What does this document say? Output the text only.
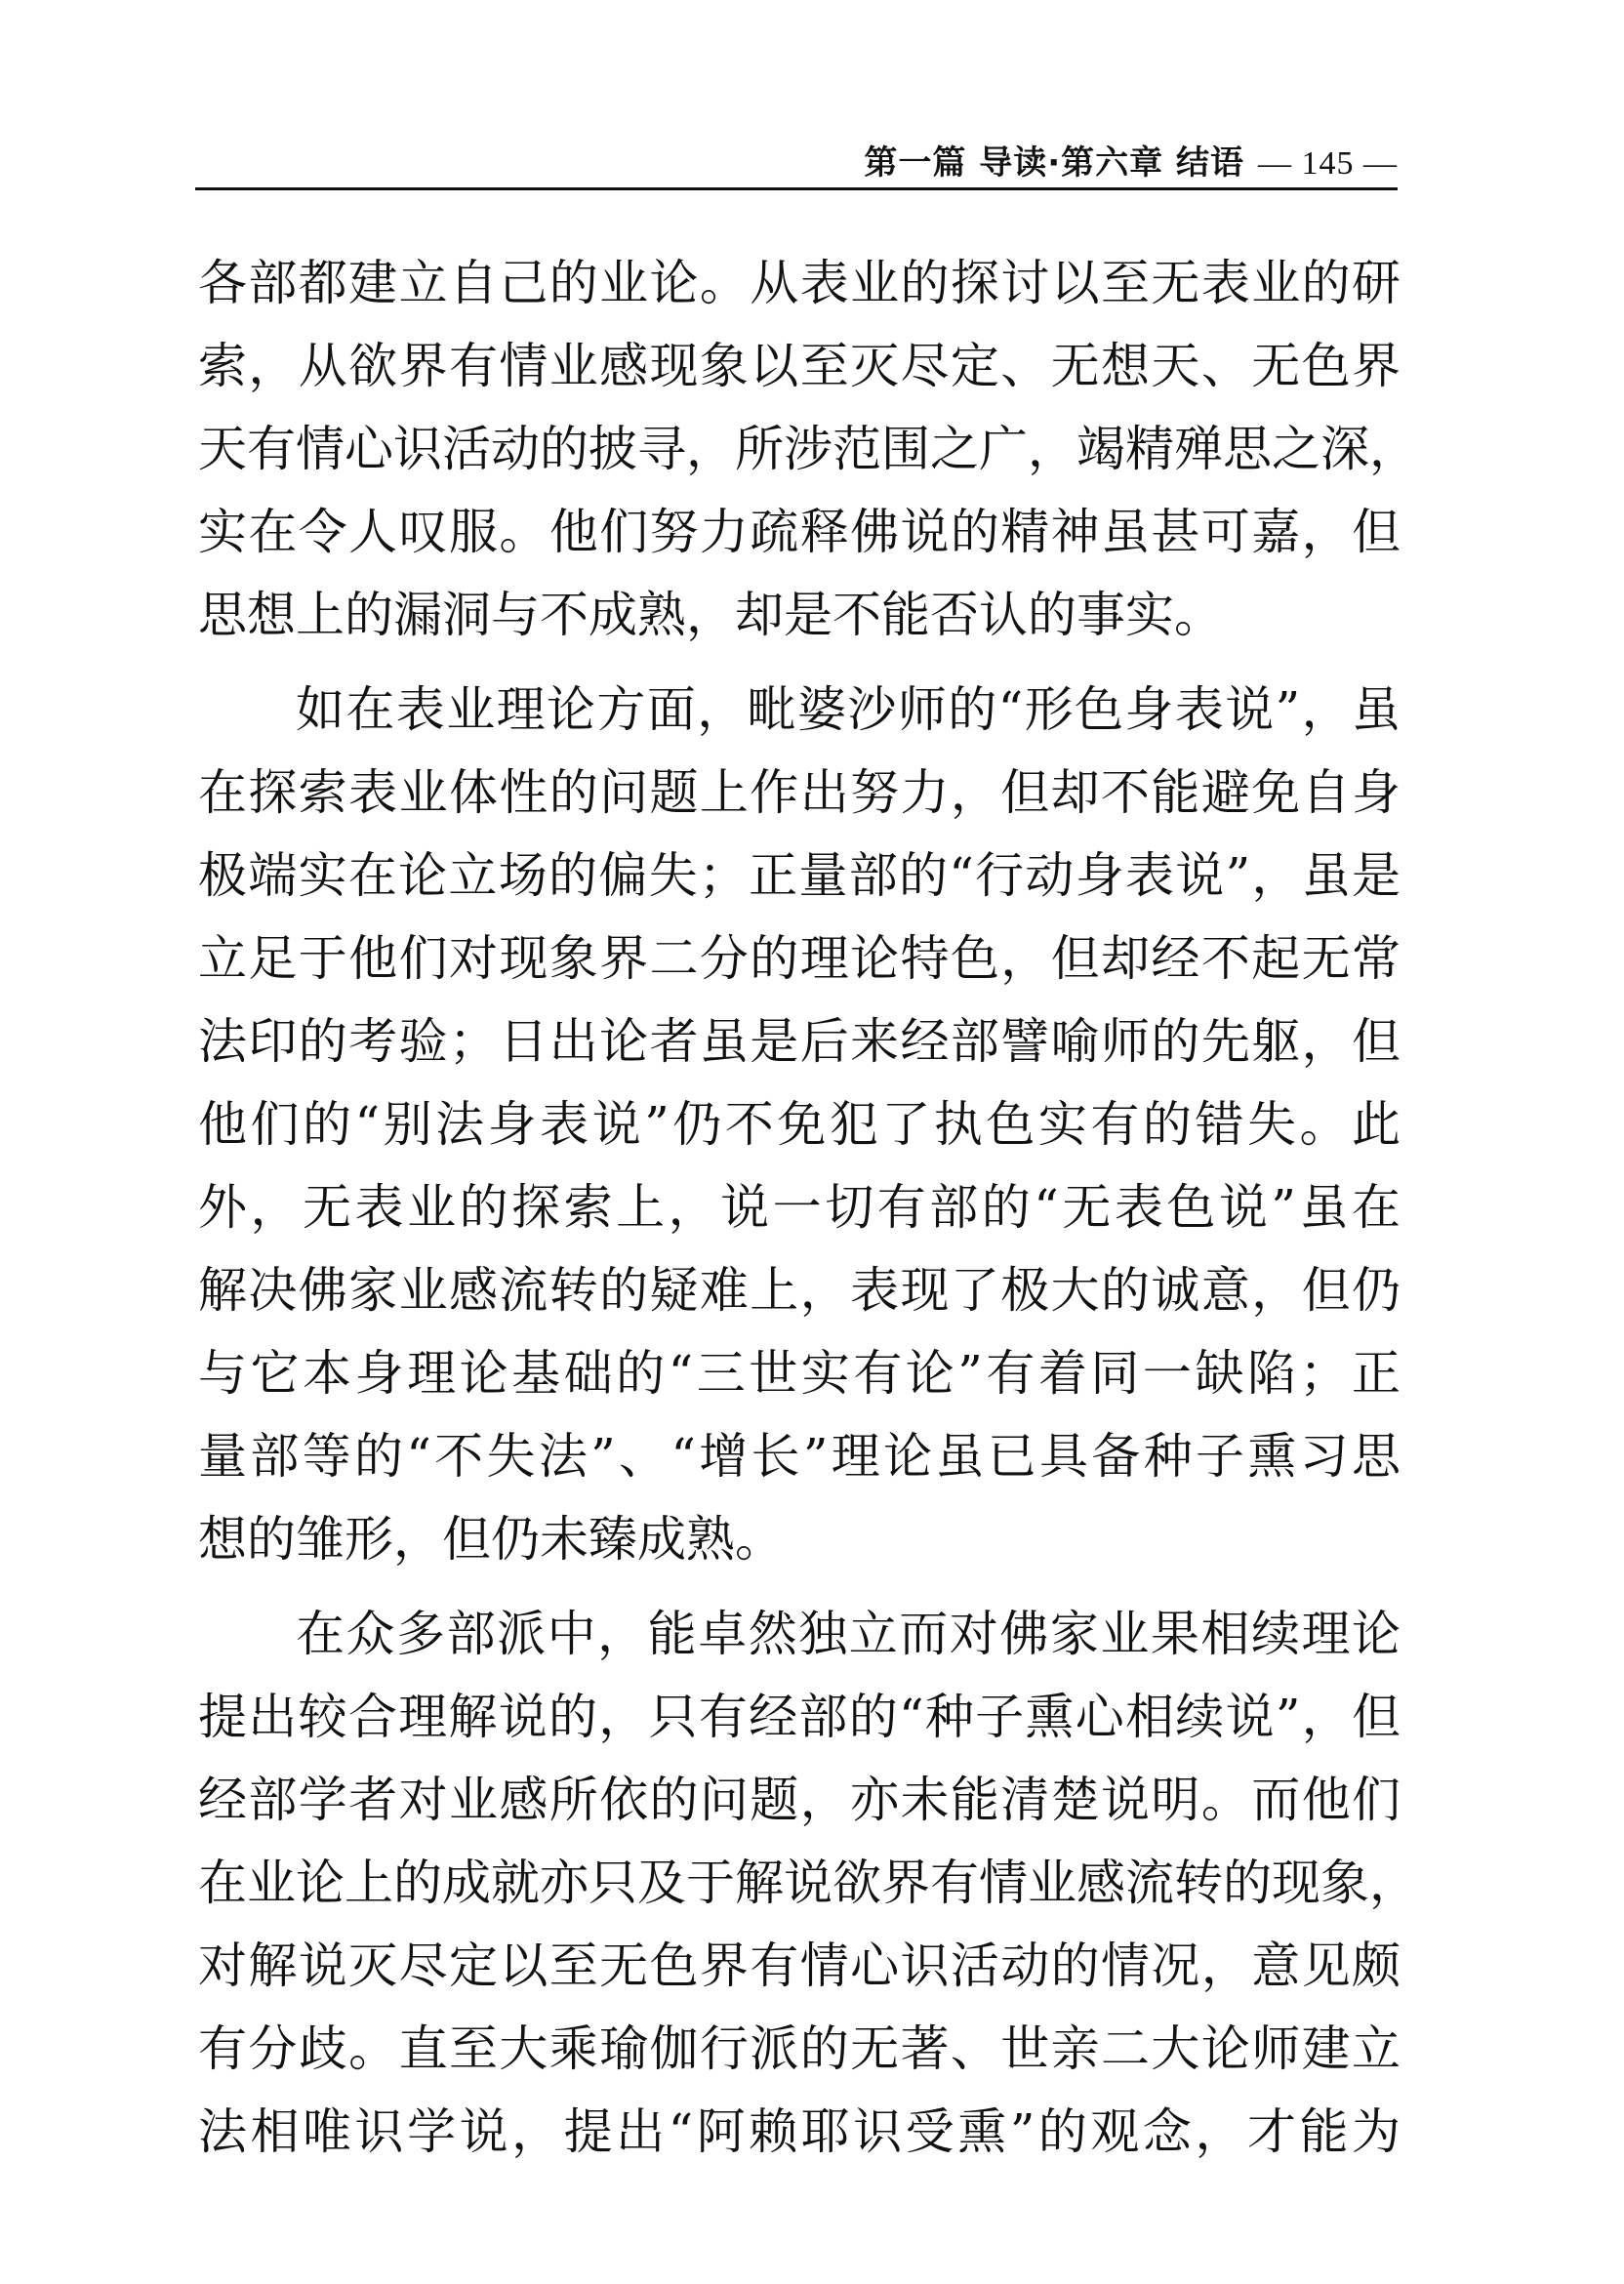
第一篇 导读·第六章 结语 — 145 —
各部都建立自己的业论。从表业的探讨以至无表业的研
索，从欲界有情业感现象以至灭尽定、无想天、无色界
天有情心识活动的披寻，所涉范围之广，竭精殚思之深，
实在令人叹服。他们努力疏释佛说的精神虽甚可嘉，但
思想上的漏洞与不成熟，却是不能否认的事实。
如在表业理论方面，毗婆沙师的“形色身表说”，虽
在探索表业体性的问题上作出努力，但却不能避免自身
极端实在论立场的偏失；正量部的“行动身表说”，虽是
立足于他们对现象界二分的理论特色，但却经不起无常
法印的考验；日出论者虽是后来经部譬喻师的先躯，但
他们的“别法身表说”仍不免犯了执色实有的错失。此
外，无表业的探索上，说一切有部的“无表色说”虽在
解决佛家业感流转的疑难上，表现了极大的诚意，但仍
与它本身理论基础的“三世实有论”有着同一缺陷；正
量部等的“不失法”、“增长”理论虽已具备种子熏习思
想的雏形，但仍未臻成熟。
在众多部派中，能卓然独立而对佛家业果相续理论
提出较合理解说的，只有经部的“种子熏心相续说”，但
经部学者对业感所依的问题，亦未能清楚说明。而他们
在业论上的成就亦只及于解说欲界有情业感流转的现象，
对解说灭尽定以至无色界有情心识活动的情况，意见颇
有分歧。直至大乘瑜伽行派的无著、世亲二大论师建立
法相唯识学说，提出“阿赖耶识受熏”的观念，才能为
